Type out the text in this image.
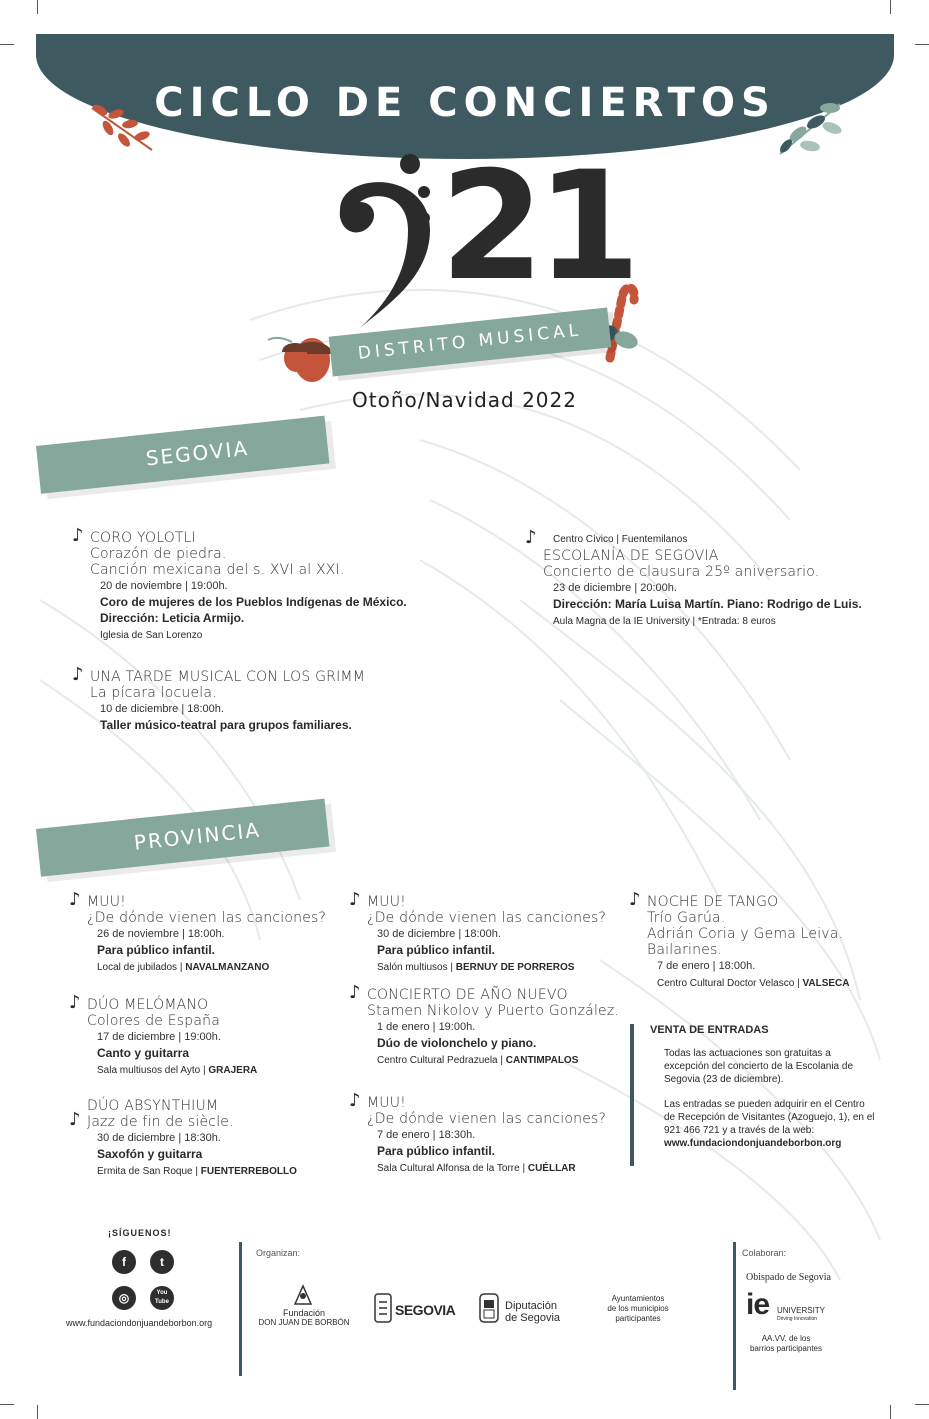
CICLO DE CONCIERTOS
21
DISTRITO MUSICAL
Otoño/Navidad 2022
SEGOVIA
♪ CORO YOLOTLI
Corazón de piedra.
Canción mexicana del s. XVI al XXI.
20 de noviembre | 19:00h.
Coro de mujeres de los Pueblos Indígenas de México.
Dirección: Leticia Armijo.
Iglesia de San Lorenzo
♪ UNA TARDE MUSICAL CON LOS GRIMM
La pícara locuela.
10 de diciembre | 18:00h.
Taller músico-teatral para grupos familiares.
♪	Centro Cívico | Fuentemilanos
ESCOLANÍA DE SEGOVIA
Concierto de clausura 25º aniversario.
23 de diciembre | 20:00h.
Dirección: María Luisa Martín. Piano: Rodrigo de Luis.
Aula Magna de la IE University | *Entrada: 8 euros
PROVINCIA
♪ MUU!
¿De dónde vienen las canciones?
26 de noviembre | 18:00h.
Para público infantil.
Local de jubilados | NAVALMANZANO
♪ DÚO MELÓMANO
Colores de España
17 de diciembre | 19:00h.
Canto y guitarra
Sala multiusos del Ayto | GRAJERA
♪
DÚO ABSYNTHIUM
Jazz de fin de siècle.
30 de diciembre | 18:30h.
Saxofón y guitarra
Ermita de San Roque | FUENTERREBOLLO
♪ MUU!
¿De dónde vienen las canciones?
30 de diciembre | 18:00h.
Para público infantil.
Salón multiusos | BERNUY DE PORREROS
♪ CONCIERTO DE AÑO NUEVO
Stamen Nikolov y Puerto González.
1 de enero | 19:00h.
Dúo de violonchelo y piano.
Centro Cultural Pedrazuela | CANTIMPALOS
♪ MUU!
¿De dónde vienen las canciones?
7 de enero | 18:30h.
Para público infantil.
Sala Cultural Alfonsa de la Torre | CUÉLLAR
♪ NOCHE DE TANGO
Trío Garúa.
Adrián Coria y Gema Leiva.
Bailarines.
7 de enero | 18:00h.
Centro Cultural Doctor Velasco | VALSECA
VENTA DE ENTRADAS

Todas las actuaciones son gratuitas a excepción del concierto de la Escolania de Segovia (23 de diciembre).

Las entradas se pueden adquirir en el Centro de Recepción de Visitantes (Azoguejo, 1), en el 921 466 721 y a través de la web:

www.fundaciondonjuandeborbon.org
¡SÍGUENOS!
f	t
◎	You Tube
www.fundaciondonjuandeborbon.org
Organizan:
Fundación
DON JUAN DE BORBÓN
SEGOVIA	Diputación
de Segovia
Ayuntamientos
de los municipios
participantes
Colaboran:
Obispado de Segovia
ie UNIVERSITY
Driving Innovation
AA.VV. de los
barrios participantes
